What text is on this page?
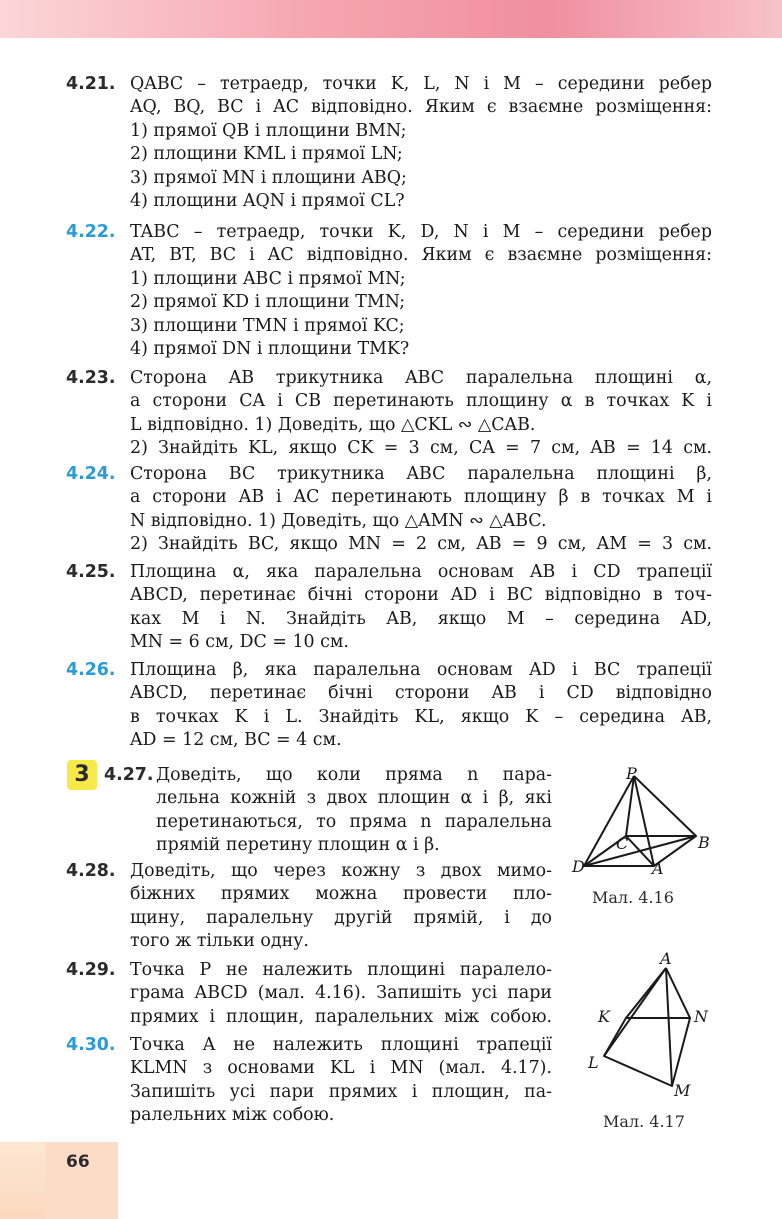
4.21. QABC – тетраедр, точки K, L, N і M – середини ребер
AQ, BQ, BC і AC відповідно. Яким є взаємне розміщення:
1) прямої QB і площини BMN;
2) площини KML і прямої LN;
3) прямої MN і площини ABQ;
4) площини AQN і прямої CL?
4.22. TABC – тетраедр, точки K, D, N і M – середини ребер
AT, BT, BC і AC відповідно. Яким є взаємне розміщення:
1) площини ABC і прямої MN;
2) прямої KD і площини TMN;
3) площини TMN і прямої KC;
4) прямої DN і площини TMK?
4.23. Сторона AB трикутника ABC паралельна площині α,
а сторони CA і CB перетинають площину α в точках K і
L відповідно. 1) Доведіть, що △CKL ∾ △CAB.
2) Знайдіть KL, якщо CK = 3 см, CA = 7 см, AB = 14 см.
4.24. Сторона BC трикутника ABC паралельна площині β,
а сторони AB і AC перетинають площину β в точках M і
N відповідно. 1) Доведіть, що △AMN ∾ △ABC.
2) Знайдіть BC, якщо MN = 2 см, AB = 9 см, AM = 3 см.
4.25. Площина α, яка паралельна основам AB і CD трапеції
ABCD, перетинає бічні сторони AD і BC відповідно в точ-
ках M і N. Знайдіть AB, якщо M – середина AD,
MN = 6 см, DC = 10 см.
4.26. Площина β, яка паралельна основам AD і BC трапеції
ABCD, перетинає бічні сторони AB і CD відповідно
в точках K і L. Знайдіть KL, якщо K – середина AB,
AD = 12 см, BC = 4 см.
3 4.27. Доведіть, що коли пряма n пара-
лельна кожній з двох площин α і β, які
перетинаються, то пряма n паралельна
прямій перетину площин α і β.
4.28. Доведіть, що через кожну з двох мимо-
біжних прямих можна провести пло-
щину, паралельну другій прямій, і до
того ж тільки одну.
4.29. Точка P не належить площині паралело-
грама ABCD (мал. 4.16). Запишіть усі пари
прямих і площин, паралельних між собою.
4.30. Точка A не належить площині трапеції
KLMN з основами KL і MN (мал. 4.17).
Запишіть усі пари прямих і площин, па-
ралельних між собою.
P
C	B
D	A
Мал. 4.16
A
K	N
L
M
Мал. 4.17
66
